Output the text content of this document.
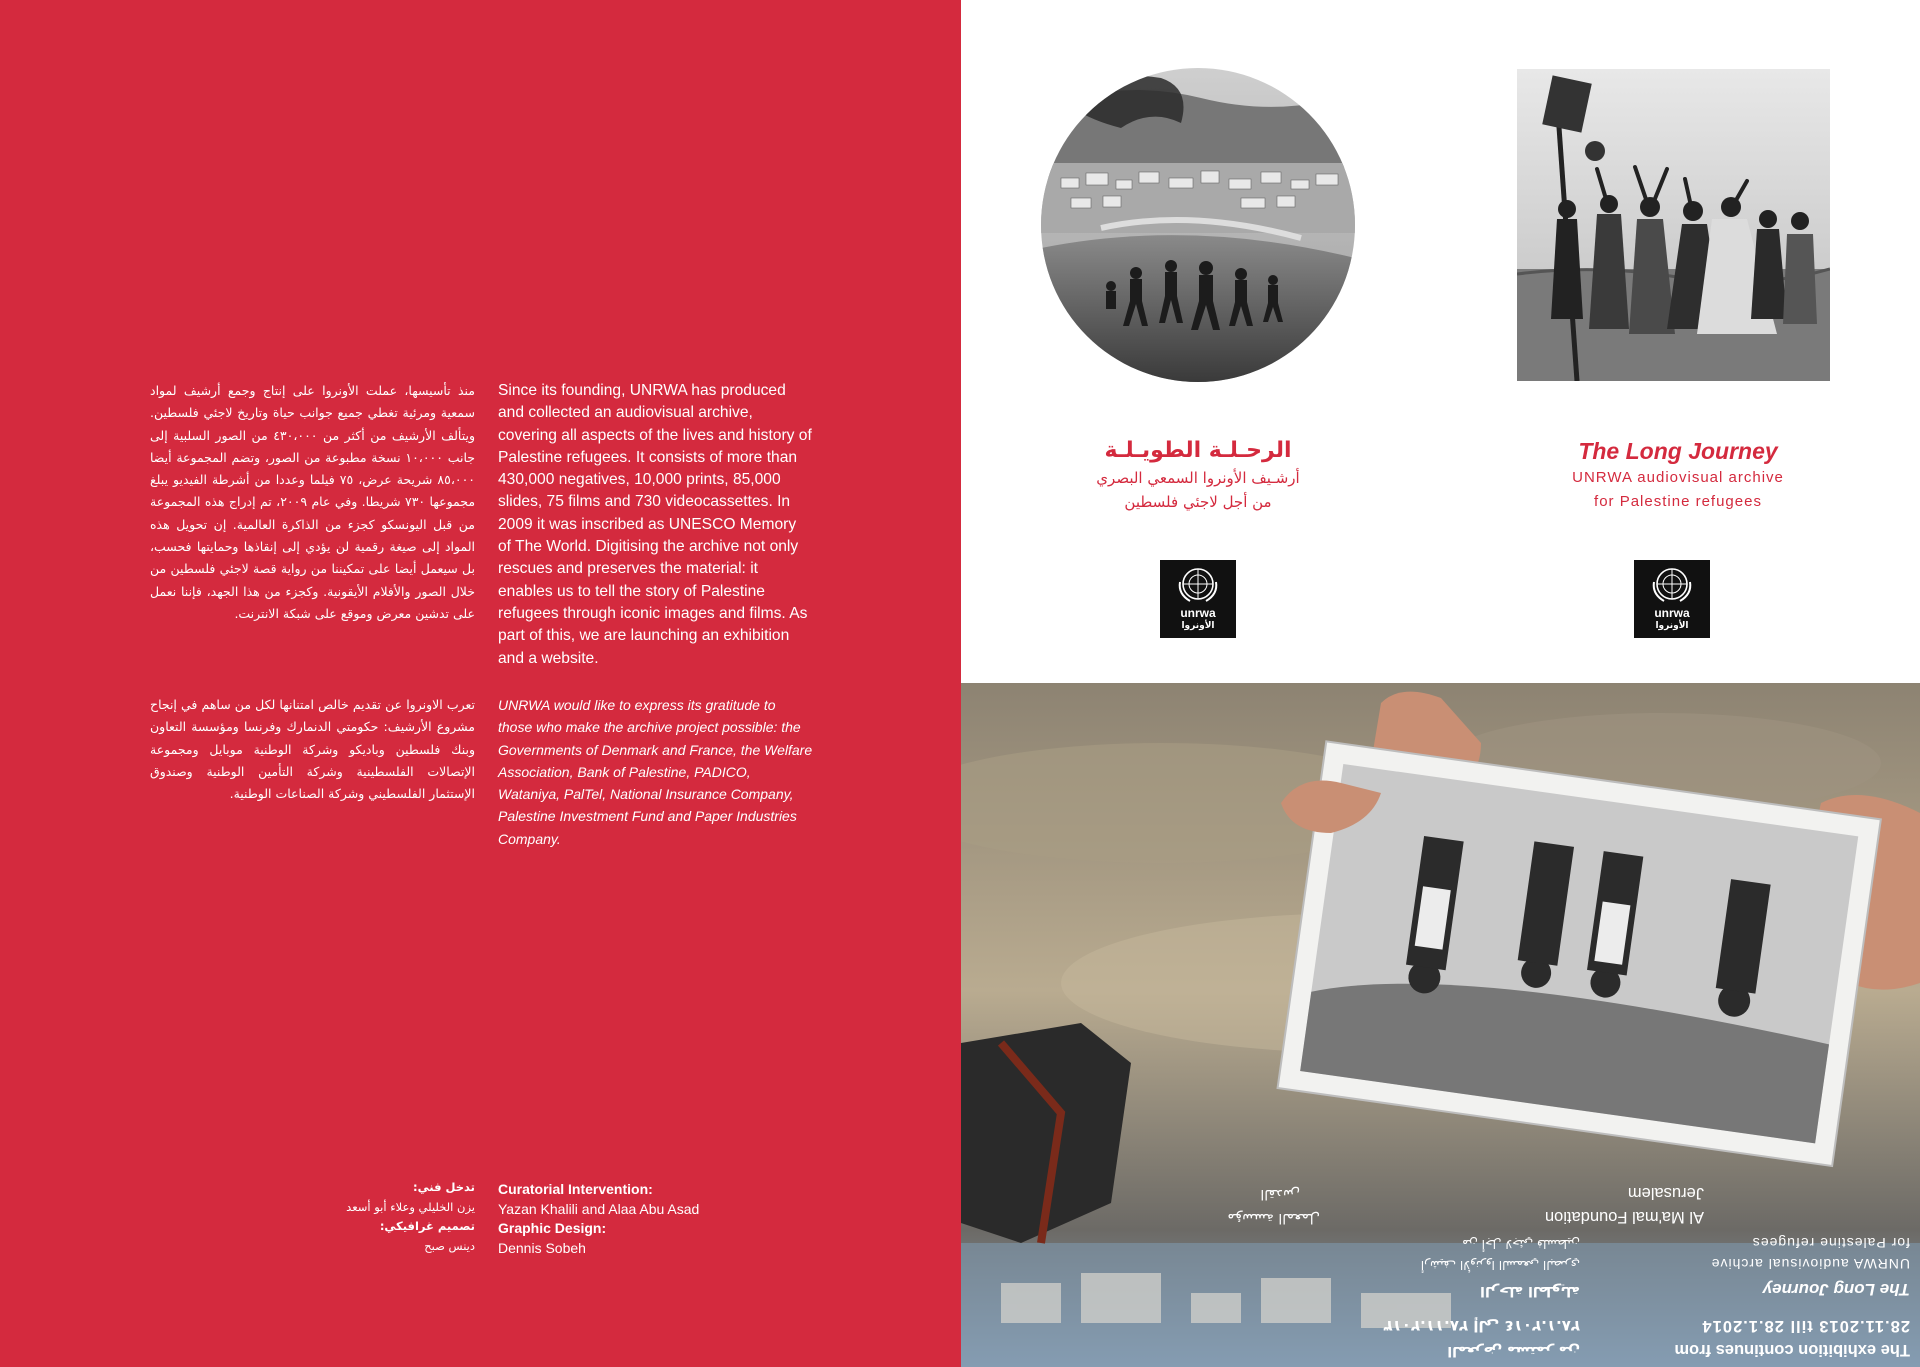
منذ تأسيسها، عملت الأونروا على إنتاج وجمع أرشيف لمواد سمعية ومرئية تغطي جميع جوانب حياة وتاريخ لاجئي فلسطين. ويتألف الأرشيف من أكثر من ٤٣٠،٠٠٠ من الصور السلبية إلى جانب ١٠،٠٠٠ نسخة مطبوعة من الصور، وتضم المجموعة أيضا ٨٥،٠٠٠ شريحة عرض، ٧٥ فيلما وعددا من أشرطة الفيديو يبلغ مجموعها ٧٣٠ شريطا. وفي عام ٢٠٠٩، تم إدراج هذه المجموعة من قبل اليونسكو كجزء من الذاكرة العالمية. إن تحويل هذه المواد إلى صيغة رقمية لن يؤدي إلى إنقاذها وحمايتها فحسب، بل سيعمل أيضا على تمكيننا من رواية قصة لاجئي فلسطين من خلال الصور والأفلام الأيقونية. وكجزء من هذا الجهد، فإننا نعمل على تدشين معرض وموقع على شبكة الانترنت.

Since its founding, UNRWA has produced and collected an audiovisual archive, covering all aspects of the lives and history of Palestine refugees. It consists of more than 430,000 negatives, 10,000 prints, 85,000 slides, 75 films and 730 videocassettes. In 2009 it was inscribed as UNESCO Memory of The World. Digitising the archive not only rescues and preserves the material: it enables us to tell the story of Palestine refugees through iconic images and films. As part of this, we are launching an exhibition and a website.

تعرب الاونروا عن تقديم خالص امتنانها لكل من ساهم في إنجاح مشروع الأرشيف: حكومتي الدنمارك وفرنسا ومؤسسة التعاون وبنك فلسطين وباديكو وشركة الوطنية موبايل ومجموعة الإتصالات الفلسطينية وشركة التأمين الوطنية وصندوق الإستثمار الفلسطيني وشركة الصناعات الوطنية.

UNRWA would like to express its gratitude to those who make the archive project possible: the Governments of Denmark and France, the Welfare Association, Bank of Palestine, PADICO, Wataniya, PalTel, National Insurance Company, Palestine Investment Fund and Paper Industries Company.

تدخل فني:
يزن الخليلي وعلاء أبو أسعد
تصميم غرافيكي:
دينس صبح
Curatorial Intervention:
Yazan Khalili and Alaa Abu Asad
Graphic Design:
Dennis Sobeh
الرحـلـة الطويـلـة
أرشـيف الأونروا السمعي البصري
من أجل لاجئي فلسطين
The Long Journey
UNRWA audiovisual archive
for Palestine refugees
unrwa
الأونروا
unrwa
الأونروا
The exhibition continues from
28.11.2013 till 28.1.2014
The Long Journey
UNRWA audiovisual archive
for Palestine refugees
Al Ma'mal Foundation
Jerusalem
المعرض مستمر من
٢٨.١١.٢٠١٣ إلى ٢٨.١.٢٠١٤
الرحلة الطويلة
أرشيف الأونروا السمعي البصري
من أجل لاجئي فلسطين
مؤسسة المعمل
القدس
